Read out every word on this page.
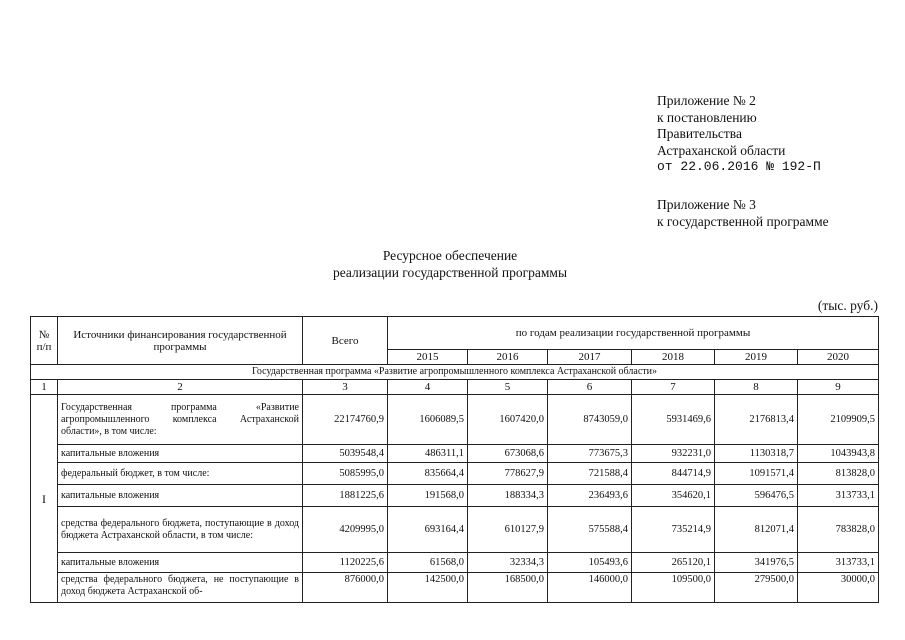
Приложение № 2
к постановлению
Правительства
Астраханской области
от 22.06.2016 № 192-П
Приложение № 3
к государственной программе
Ресурсное обеспечение
реализации государственной программы
(тыс. руб.)
№ п/п	Источники финансирования государственной программы	Всего	по годам реализации государственной программы					
			2015	2016	2017	2018	2019	2020
Государственная программа «Развитие агропромышленного комплекса Астраханской области»								
1	2	3	4	5	6	7	8	9
I	Государственная программа «Развитие агропромышленного комплекса Астраханской области», в том числе:	22174760,9	1606089,5	1607420,0	8743059,0	5931469,6	2176813,4	2109909,5
	капитальные вложения	5039548,4	486311,1	673068,6	773675,3	932231,0	1130318,7	1043943,8
	федеральный бюджет, в том числе:	5085995,0	835664,4	778627,9	721588,4	844714,9	1091571,4	813828,0
	капитальные вложения	1881225,6	191568,0	188334,3	236493,6	354620,1	596476,5	313733,1
	средства федерального бюджета, поступающие в доход бюджета Астраханской области, в том числе:	4209995,0	693164,4	610127,9	575588,4	735214,9	812071,4	783828,0
	капитальные вложения	1120225,6	61568,0	32334,3	105493,6	265120,1	341976,5	313733,1
	средства федерального бюджета, не поступающие в доход бюджета Астраханской об-	876000,0	142500,0	168500,0	146000,0	109500,0	279500,0	30000,0
